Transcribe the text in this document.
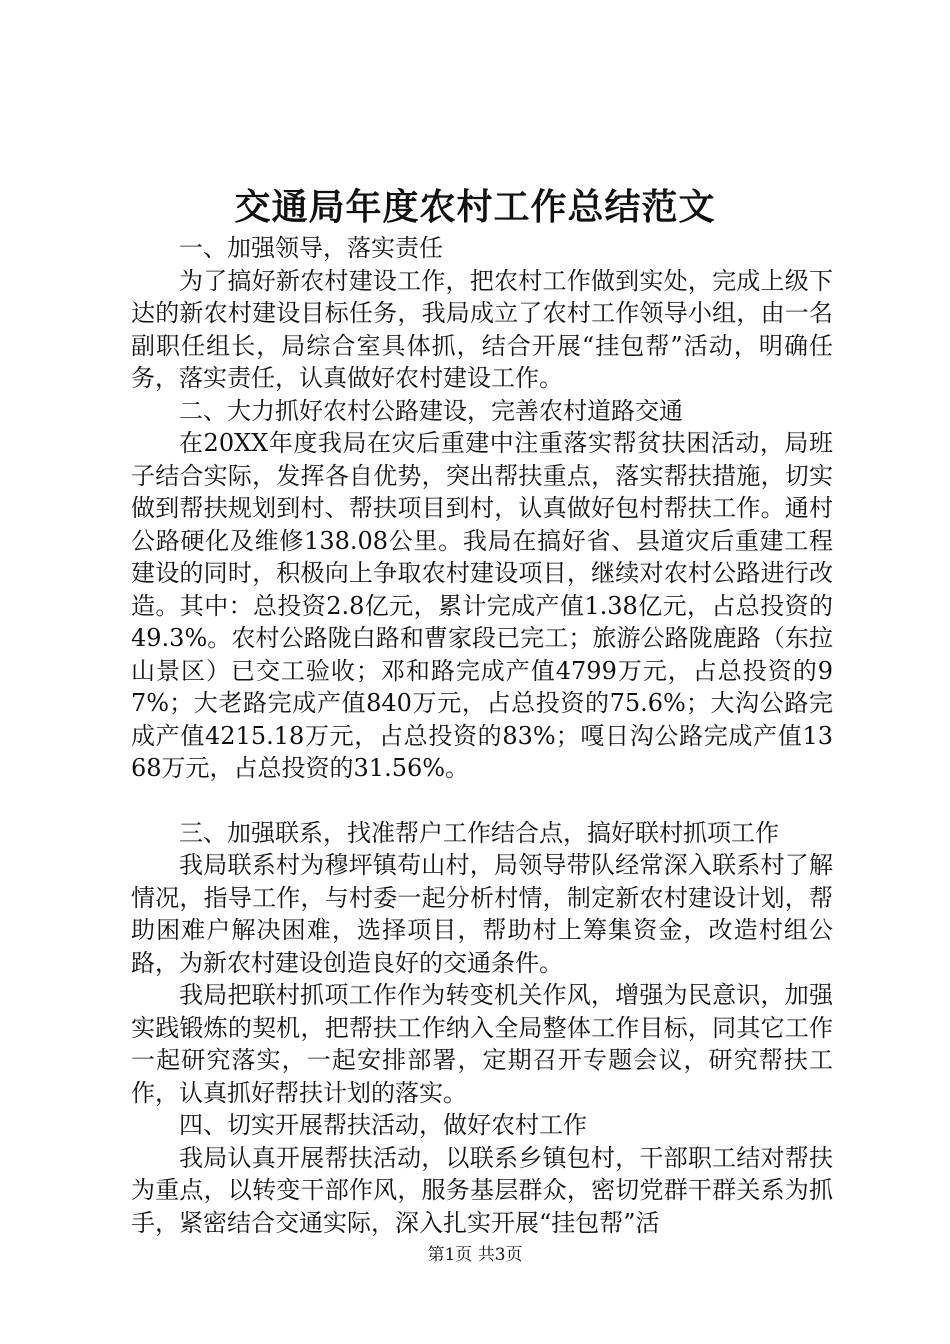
交通局年度农村工作总结范文

一、加强领导，落实责任

为了搞好新农村建设工作，把农村工作做到实处，完成上级下达的新农村建设目标任务，我局成立了农村工作领导小组，由一名副职任组长，局综合室具体抓，结合开展“挂包帮”活动，明确任务，落实责任，认真做好农村建设工作。

二、大力抓好农村公路建设，完善农村道路交通

在20XX年度我局在灾后重建中注重落实帮贫扶困活动，局班子结合实际，发挥各自优势，突出帮扶重点，落实帮扶措施，切实做到帮扶规划到村、帮扶项目到村，认真做好包村帮扶工作。通村公路硬化及维修138.08公里。我局在搞好省、县道灾后重建工程建设的同时，积极向上争取农村建设项目，继续对农村公路进行改造。其中：总投资2.8亿元，累计完成产值1.38亿元，占总投资的49.3%。农村公路陇白路和曹家段已完工；旅游公路陇鹿路（东拉山景区）已交工验收；邓和路完成产值4799万元，占总投资的97%；大老路完成产值840万元，占总投资的75.6%；大沟公路完成产值4215.18万元，占总投资的83%；嘎日沟公路完成产值1368万元，占总投资的31.56%。

三、加强联系，找准帮户工作结合点，搞好联村抓项工作

我局联系村为穆坪镇苟山村，局领导带队经常深入联系村了解情况，指导工作，与村委一起分析村情，制定新农村建设计划，帮助困难户解决困难，选择项目，帮助村上筹集资金，改造村组公路，为新农村建设创造良好的交通条件。

我局把联村抓项工作作为转变机关作风，增强为民意识，加强实践锻炼的契机，把帮扶工作纳入全局整体工作目标，同其它工作一起研究落实，一起安排部署，定期召开专题会议，研究帮扶工作，认真抓好帮扶计划的落实。

四、切实开展帮扶活动，做好农村工作

我局认真开展帮扶活动，以联系乡镇包村，干部职工结对帮扶为重点，以转变干部作风，服务基层群众，密切党群干群关系为抓手，紧密结合交通实际，深入扎实开展“挂包帮”活

第1页 共3页
